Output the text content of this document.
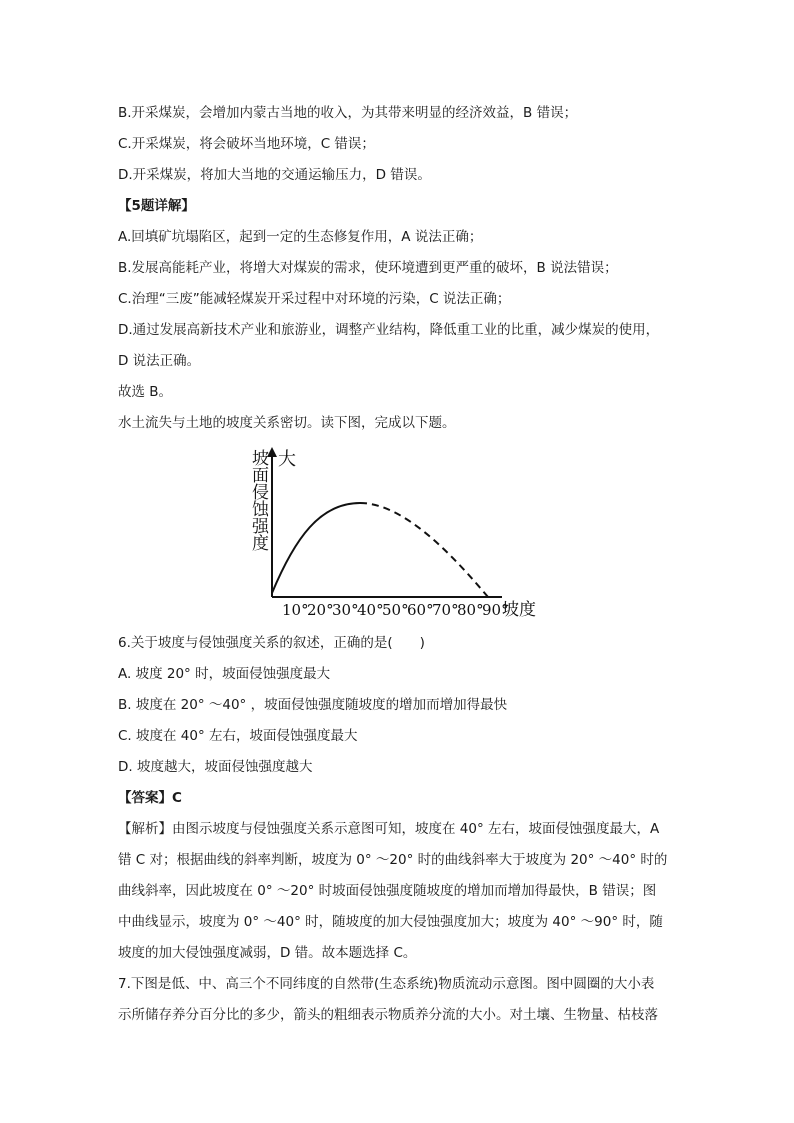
B.开采煤炭，会增加内蒙古当地的收入，为其带来明显的经济效益，B 错误；
C.开采煤炭，将会破坏当地环境，C 错误；
D.开采煤炭，将加大当地的交通运输压力，D 错误。
【5题详解】
A.回填矿坑塌陷区，起到一定的生态修复作用，A 说法正确；
B.发展高能耗产业，将增大对煤炭的需求，使环境遭到更严重的破坏，B 说法错误；
C.治理“三废”能减轻煤炭开采过程中对环境的污染，C 说法正确；
D.通过发展高新技术产业和旅游业，调整产业结构，降低重工业的比重，减少煤炭的使用，
D 说法正确。
故选 B。
水土流失与土地的坡度关系密切。读下图，完成以下题。
坡面侵蚀强度 大
10°
20°
30°
40°
50°
60°
70°
80°
90°
坡度
6.关于坡度与侵蚀强度关系的叙述，正确的是(　　)
A. 坡度 20° 时，坡面侵蚀强度最大
B. 坡度在 20° ～40° ，坡面侵蚀强度随坡度的增加而增加得最快
C. 坡度在 40° 左右，坡面侵蚀强度最大
D. 坡度越大，坡面侵蚀强度越大
【答案】C
【解析】由图示坡度与侵蚀强度关系示意图可知，坡度在 40° 左右，坡面侵蚀强度最大，A
错 C 对；根据曲线的斜率判断，坡度为 0° ～20° 时的曲线斜率大于坡度为 20° ～40° 时的
曲线斜率，因此坡度在 0° ～20° 时坡面侵蚀强度随坡度的增加而增加得最快，B 错误；图
中曲线显示，坡度为 0° ～40° 时，随坡度的加大侵蚀强度加大；坡度为 40° ～90° 时，随
坡度的加大侵蚀强度减弱，D 错。故本题选择 C。
7.下图是低、中、高三个不同纬度的自然带(生态系统)物质流动示意图。图中圆圈的大小表
示所储存养分百分比的多少，箭头的粗细表示物质养分流的大小。对土壤、生物量、枯枝落
